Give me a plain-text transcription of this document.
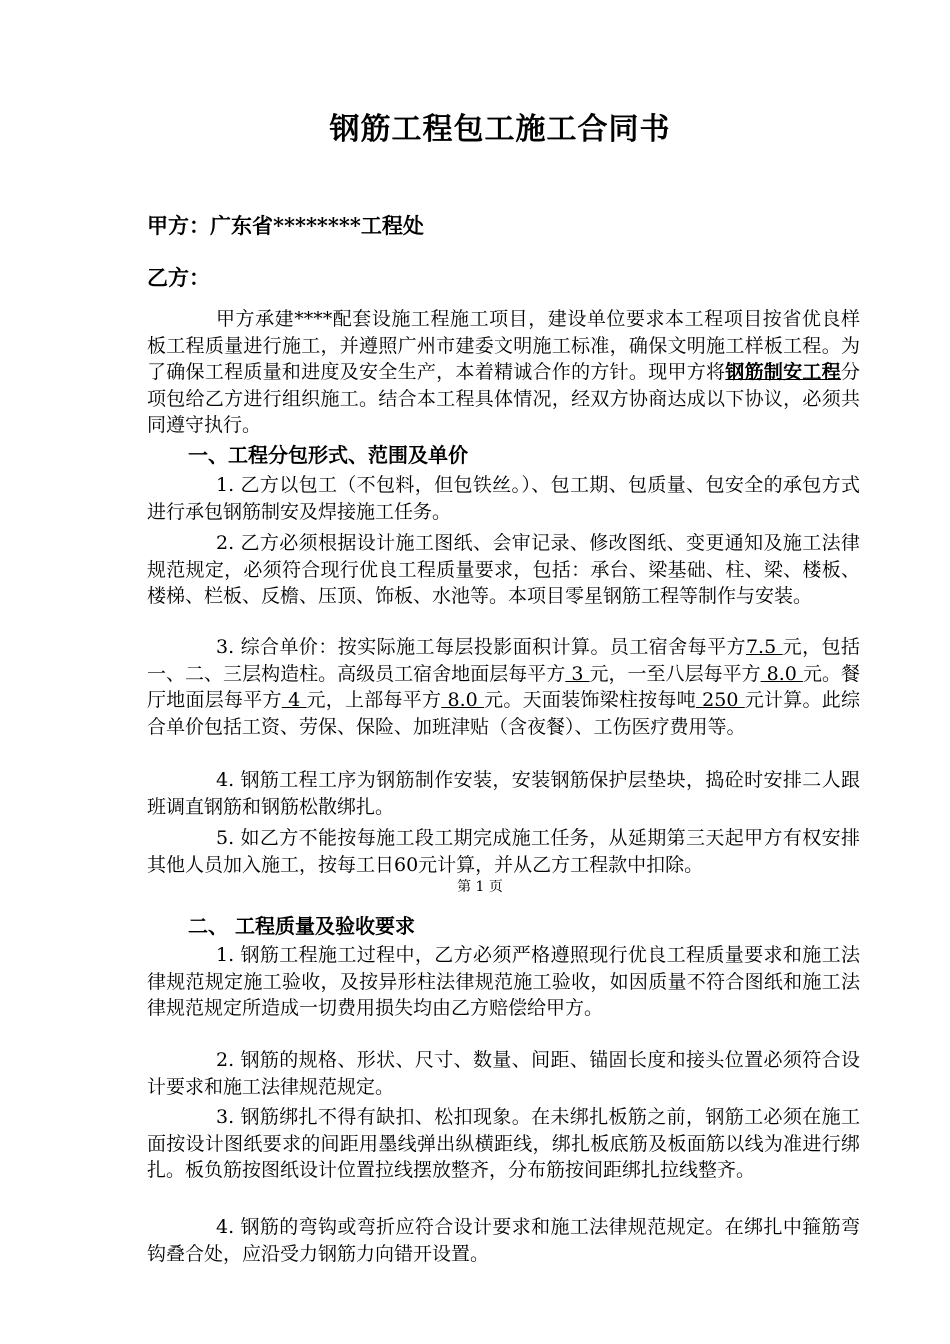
钢筋工程包工施工合同书
甲方：广东省********工程处
乙方：
甲方承建****配套设施工程施工项目，建设单位要求本工程项目按省优良样板工程质量进行施工，并遵照广州市建委文明施工标准，确保文明施工样板工程。为了确保工程质量和进度及安全生产，本着精诚合作的方针。现甲方将钢筋制安工程分项包给乙方进行组织施工。结合本工程具体情况，经双方协商达成以下协议，必须共同遵守执行。
一、工程分包形式、范围及单价
1. 乙方以包工（不包料，但包铁丝。）、包工期、包质量、包安全的承包方式进行承包钢筋制安及焊接施工任务。
2. 乙方必须根据设计施工图纸、会审记录、修改图纸、变更通知及施工法律规范规定，必须符合现行优良工程质量要求，包括：承台、梁基础、柱、梁、楼板、楼梯、栏板、反檐、压顶、饰板、水池等。本项目零星钢筋工程等制作与安装。
3. 综合单价：按实际施工每层投影面积计算。员工宿舍每平方7.5 元，包括一、二、三层构造柱。高级员工宿舍地面层每平方 3 元，一至八层每平方 8.0 元。餐厅地面层每平方 4 元，上部每平方 8.0 元。天面装饰梁柱按每吨 250 元计算。此综合单价包括工资、劳保、保险、加班津贴（含夜餐）、工伤医疗费用等。
4. 钢筋工程工序为钢筋制作安装，安装钢筋保护层垫块，捣砼时安排二人跟班调直钢筋和钢筋松散绑扎。
5. 如乙方不能按每施工段工期完成施工任务，从延期第三天起甲方有权安排其他人员加入施工，按每工日60元计算，并从乙方工程款中扣除。
第 1 页
二、 工程质量及验收要求
1. 钢筋工程施工过程中，乙方必须严格遵照现行优良工程质量要求和施工法律规范规定施工验收，及按异形柱法律规范施工验收，如因质量不符合图纸和施工法律规范规定所造成一切费用损失均由乙方赔偿给甲方。
2. 钢筋的规格、形状、尺寸、数量、间距、锚固长度和接头位置必须符合设计要求和施工法律规范规定。
3. 钢筋绑扎不得有缺扣、松扣现象。在未绑扎板筋之前，钢筋工必须在施工面按设计图纸要求的间距用墨线弹出纵横距线，绑扎板底筋及板面筋以线为准进行绑扎。板负筋按图纸设计位置拉线摆放整齐，分布筋按间距绑扎拉线整齐。
4. 钢筋的弯钩或弯折应符合设计要求和施工法律规范规定。在绑扎中箍筋弯钩叠合处，应沿受力钢筋力向错开设置。
